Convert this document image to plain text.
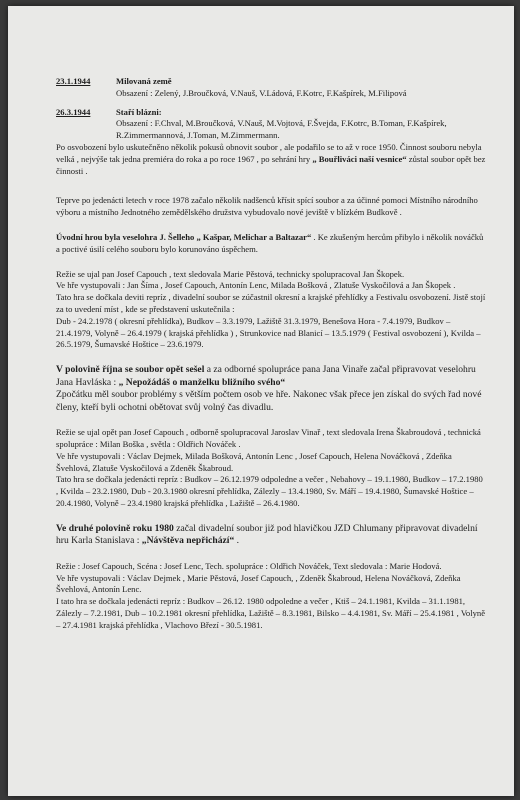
23.1.1944	Milovaná země
Obsazení : Zelený, J.Broučková, V.Nauš, V.Ládová, F.Kotrc, F.Kašpírek, M.Filipová
26.3.1944	Staří blázni:
Obsazení : F.Chval, M.Broučková, V.Nauš, M.Vojtová, F.Švejda, F.Kotrc, B.Toman, F.Kašpírek, R.Zimmermannová, J.Toman, M.Zimmermann.

Po osvobození bylo uskutečněno několik pokusů obnovit soubor , ale podařilo se to až v roce 1950. Činnost souboru nebyla velká , nejvýše tak jedna premiéra do roka a po roce 1967 , po sehrání hry „ Bouřliváci naší vesnice“ zůstal soubor opět bez činnosti .

Teprve po jedenácti letech v roce 1978 začalo několik nadšenců křísit spící soubor a za účinné pomoci Místního národního výboru a místního Jednotného zemědělského družstva vybudovalo nové jeviště v blízkém Budkově .

Úvodní hrou byla veselohra J. Šelleho „ Kašpar, Melichar a Baltazar“ . Ke zkušeným hercům přibylo i několik nováčků a poctivé úsilí celého souboru bylo korunováno úspěchem.

Režie se ujal pan Josef Capouch , text sledovala Marie Pěstová, technicky spolupracoval Jan Škopek.
Ve hře vystupovali : Jan Šíma , Josef Capouch, Antonín Lenc, Milada Bošková , Zlatuše Vyskočilová a Jan Škopek .
Tato hra se dočkala deviti repríz , divadelní soubor se zúčastnil okresní a krajské přehlídky a Festivalu osvobození. Jistě stojí za to uvedení míst , kde se představení uskutečnila :
Dub - 24.2.1978 ( okresní přehlídka), Budkov – 3.3.1979, Lažiště 31.3.1979, Benešova Hora - 7.4.1979, Budkov – 21.4.1979, Volyně – 26.4.1979 ( krajská přehlídka ) , Strunkovice nad Blanicí – 13.5.1979 ( Festival osvobození ), Kvilda – 26.5.1979, Šumavské Hoštice – 23.6.1979.

V polovině října se soubor opět sešel a za odborné spolupráce pana Jana Vinaře začal připravovat veselohru Jana Havláska : „ Nepožádáš o manželku bližního svého“
Zpočátku měl soubor problémy s větším počtem osob ve hře. Nakonec však přece jen získal do svých řad nové členy, kteří byli ochotni obětovat svůj volný čas divadlu.

Režie se ujal opět pan Josef Capouch , odborně spolupracoval Jaroslav Vinař , text sledovala Irena Škabroudová , technická spolupráce : Milan Boška , světla : Oldřich Nováček .
Ve hře vystupovali : Václav Dejmek, Milada Bošková, Antonín Lenc , Josef Capouch, Helena Nováčková , Zdeňka Švehlová, Zlatuše Vyskočilová a Zdeněk Škabroud.
Tato hra se dočkala jedenácti repríz : Budkov – 26.12.1979 odpoledne a večer , Nebahovy – 19.1.1980, Budkov – 17.2.1980 , Kvilda – 23.2.1980, Dub - 20.3.1980 okresní přehlídka, Zálezly – 13.4.1980, Sv. Máří – 19.4.1980, Šumavské Hoštice – 20.4.1980, Volyně – 23.4.1980 krajská přehlídka , Lažiště – 26.4.1980.

Ve druhé polovině roku 1980 začal divadelní soubor již pod hlavičkou JZD Chlumany připravovat divadelní hru Karla Stanislava : „Návštěva nepřichází“ .

Režie : Josef Capouch, Scéna : Josef Lenc, Tech. spolupráce : Oldřich Nováček, Text sledovala : Marie Hodová.
Ve hře vystupovali : Václav Dejmek , Marie Pěstová, Josef Capouch, , Zdeněk Škabroud, Helena Nováčková, Zdeňka Švehlová, Antonín Lenc.
I tato hra se dočkala jedenácti repríz : Budkov – 26.12. 1980 odpoledne a večer , Ktiš – 24.1.1981, Kvilda – 31.1.1981, Zálezly – 7.2.1981, Dub – 10.2.1981 okresní přehlídka, Lažiště – 8.3.1981, Bilsko – 4.4.1981, Sv. Máří – 25.4.1981 , Volyně – 27.4.1981 krajská přehlídka , Vlachovo Březí - 30.5.1981.
